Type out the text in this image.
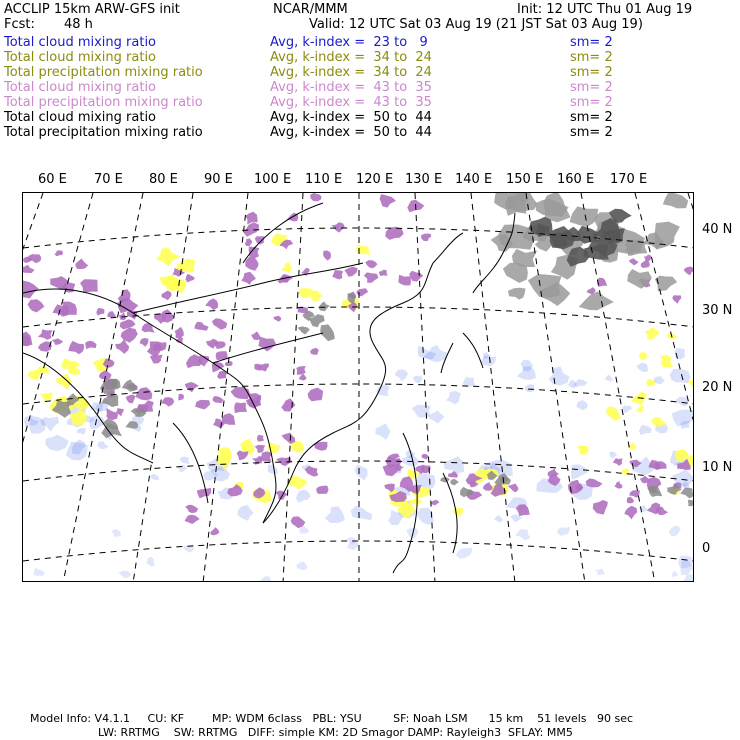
ACCLIP 15km ARW-GFS init	NCAR/MMM	Init: 12 UTC Thu 01 Aug 19
Fcst: 48 h	Valid: 12 UTC Sat 03 Aug 19 (21 JST Sat 03 Aug 19)
Total cloud mixing ratio	Avg, k-index =  23 to   9	sm= 2
Total cloud mixing ratio	Avg, k-index =  34 to  24	sm= 2
Total precipitation mixing ratio	Avg, k-index =  34 to  24	sm= 2
Total cloud mixing ratio	Avg, k-index =  43 to  35	sm= 2
Total precipitation mixing ratio	Avg, k-index =  43 to  35	sm= 2
Total cloud mixing ratio	Avg, k-index =  50 to  44	sm= 2
Total precipitation mixing ratio	Avg, k-index =  50 to  44	sm= 2
60 E 70 E 80 E 90 E 100 E 110 E 120 E 130 E 140 E 150 E 160 E 170 E
40 N
30 N
20 N
10 N
0
Model Info: V4.1.1     CU: KF        MP: WDM 6class   PBL: YSU         SF: Noah LSM      15 km    51 levels   90 sec
LW: RRTMG    SW: RRTMG   DIFF: simple KM: 2D Smagor DAMP: Rayleigh3  SFLAY: MM5
